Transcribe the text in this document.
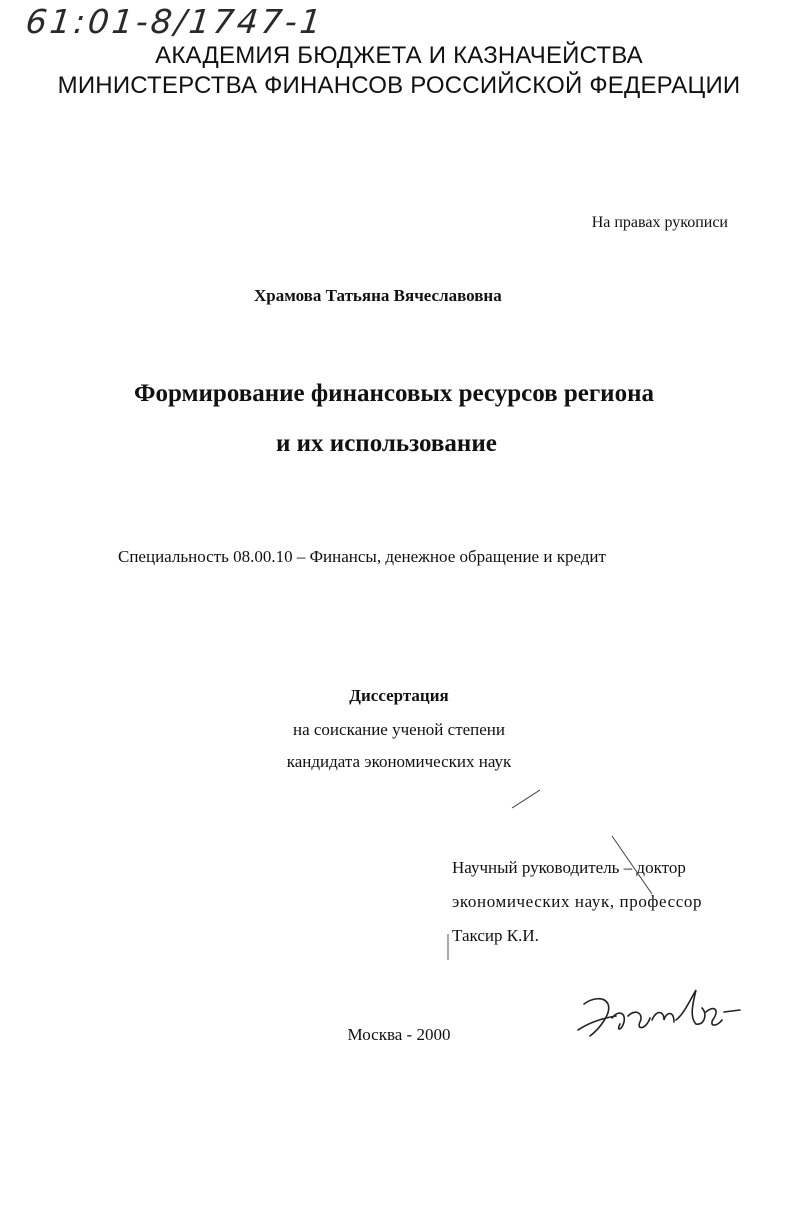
61:01-8/1747-1
АКАДЕМИЯ БЮДЖЕТА И КАЗНАЧЕЙСТВА
МИНИСТЕРСТВА ФИНАНСОВ РОССИЙСКОЙ ФЕДЕРАЦИИ
На правах рукописи
Храмова Татьяна Вячеславовна
Формирование финансовых ресурсов региона
и их использование
Специальность 08.00.10 – Финансы, денежное обращение и кредит
Диссертация
на соискание ученой степени
кандидата экономических наук
Научный руководитель – доктор
экономических наук, профессор
Таксир К.И.
Москва - 2000
